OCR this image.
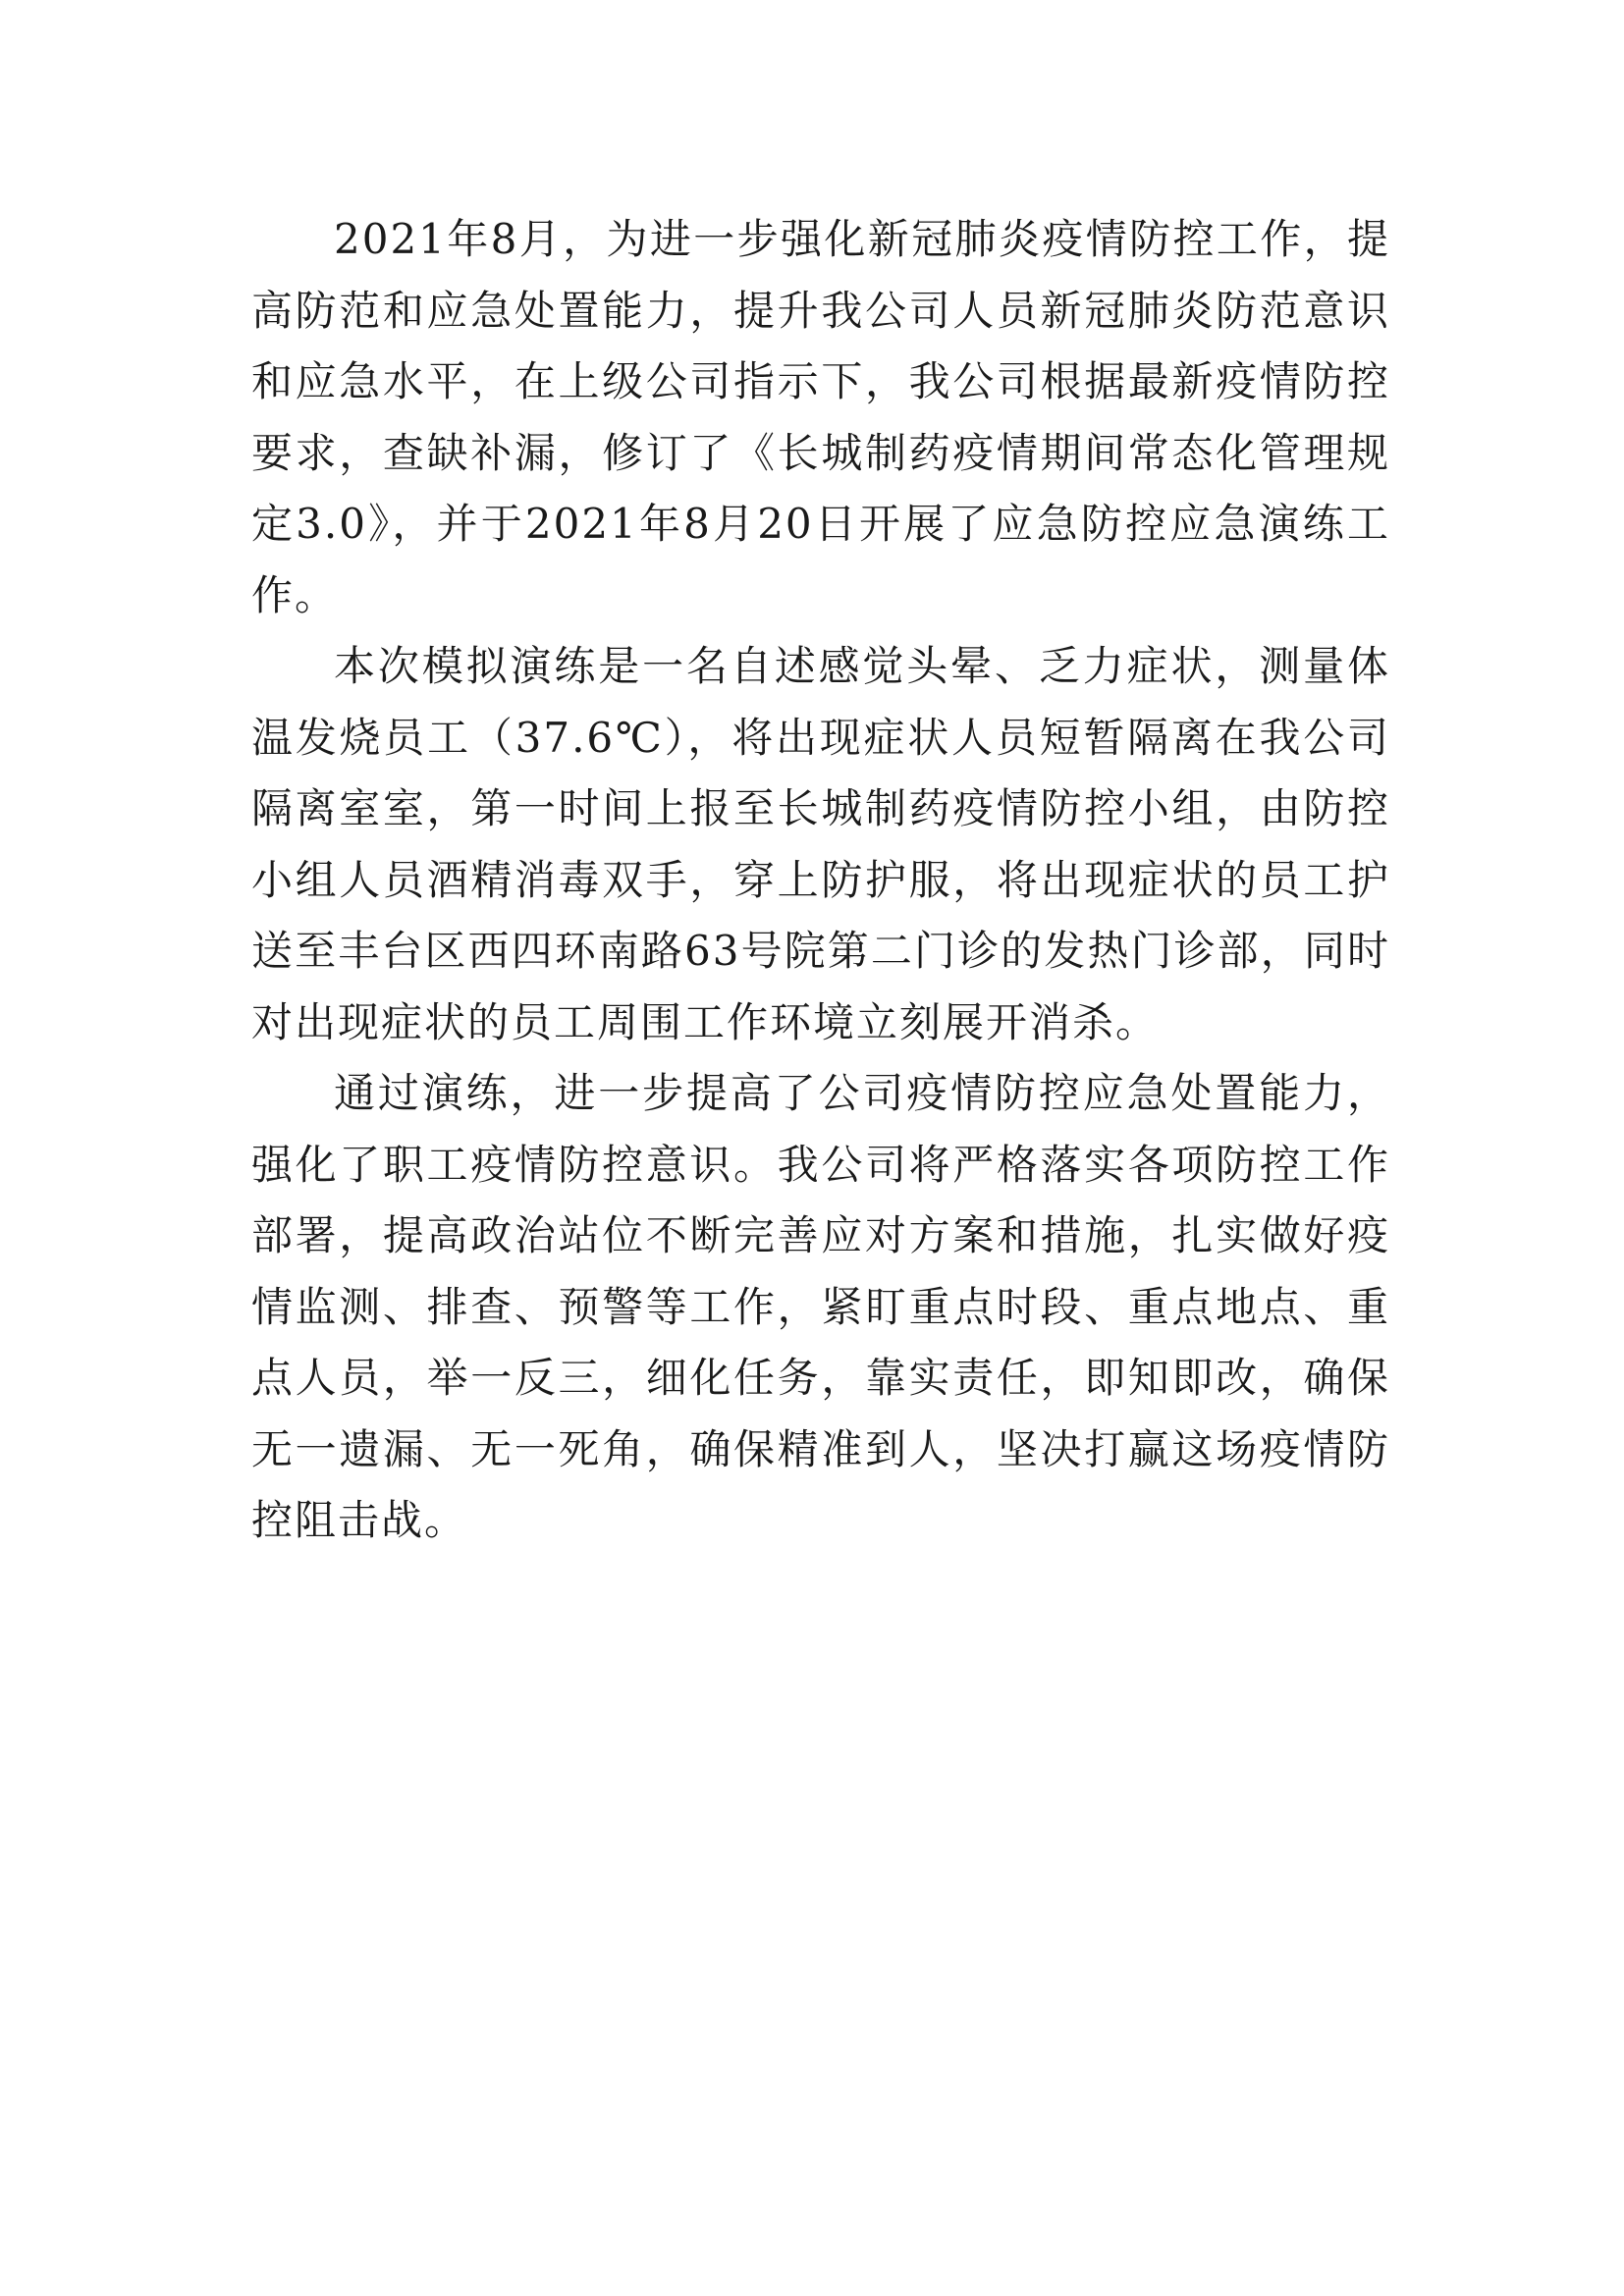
2021年8月，为进一步强化新冠肺炎疫情防控工作，提高防范和应急处置能力，提升我公司人员新冠肺炎防范意识和应急水平，在上级公司指示下，我公司根据最新疫情防控要求，查缺补漏，修订了《长城制药疫情期间常态化管理规定3.0》，并于2021年8月20日开展了应急防控应急演练工作。

本次模拟演练是一名自述感觉头晕、乏力症状，测量体温发烧员工（37.6℃），将出现症状人员短暂隔离在我公司隔离室室，第一时间上报至长城制药疫情防控小组，由防控小组人员酒精消毒双手，穿上防护服，将出现症状的员工护送至丰台区西四环南路63号院第二门诊的发热门诊部，同时对出现症状的员工周围工作环境立刻展开消杀。

通过演练，进一步提高了公司疫情防控应急处置能力，强化了职工疫情防控意识。我公司将严格落实各项防控工作部署，提高政治站位不断完善应对方案和措施，扎实做好疫情监测、排查、预警等工作，紧盯重点时段、重点地点、重点人员，举一反三，细化任务，靠实责任，即知即改，确保无一遗漏、无一死角，确保精准到人，坚决打赢这场疫情防控阻击战。
